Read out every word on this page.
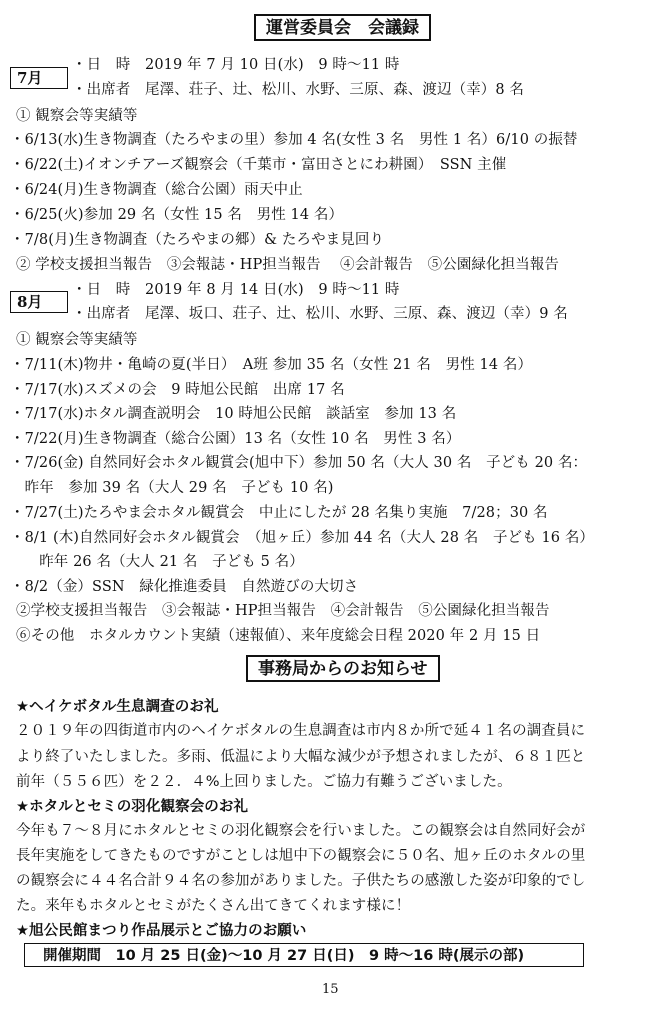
運営委員会　会議録
7月
・日　時　2019 年 7 月 10 日(水)　9 時～11 時
・出席者　尾澤、荘子、辻、松川、水野、三原、森、渡辺（幸）8 名
① 観察会等実績等
・6/13(水)生き物調査（たろやまの里）参加 4 名(女性 3 名　男性 1 名）6/10 の振替
・6/22(土)イオンチアーズ観察会（千葉市・富田さとにわ耕園）　SSN 主催
・6/24(月)生き物調査（総合公園）雨天中止
・6/25(火)参加 29 名（女性 15 名　男性 14 名）
・7/8(月)生き物調査（たろやまの郷）& たろやま見回り
② 学校支援担当報告　③会報誌・HP担当報告　 ④会計報告　⑤公園緑化担当報告
8月
・日　時　2019 年 8 月 14 日(水)　9 時～11 時
・出席者　尾澤、坂口、荘子、辻、松川、水野、三原、森、渡辺（幸）9 名
① 観察会等実績等
・7/11(木)物井・亀崎の夏(半日）　A班 参加 35 名（女性 21 名　男性 14 名）
・7/17(水)スズメの会　9 時旭公民館　出席 17 名
・7/17(水)ホタル調査説明会　10 時旭公民館　談話室　参加 13 名
・7/22(月)生き物調査（総合公園）13 名（女性 10 名　男性 3 名）
・7/26(金) 自然同好会ホタル観賞会(旭中下）参加 50 名（大人 30 名　子ども 20 名：
　昨年　参加 39 名（大人 29 名　子ども 10 名)
・7/27(土)たろやま会ホタル観賞会　中止にしたが 28 名集り実施　7/28；30 名
・8/1 (木)自然同好会ホタル観賞会　（旭ヶ丘）参加 44 名（大人 28 名　子ども 16 名）
　　昨年 26 名（大人 21 名　子ども 5 名）
・8/2（金）SSN　緑化推進委員　自然遊びの大切さ
②学校支援担当報告　③会報誌・HP担当報告　④会計報告　⑤公園緑化担当報告
⑥その他　ホタルカウント実績（速報値）、来年度総会日程 2020 年 2 月 15 日
事務局からのお知らせ
★ヘイケボタル生息調査のお礼
２０１９年の四街道市内のヘイケボタルの生息調査は市内８か所で延４１名の調査員に
より終了いたしました。多雨、低温により大幅な減少が予想されましたが、６８１匹と
前年（５５６匹）を２２．４%上回りました。ご協力有難うございました。
★ホタルとセミの羽化観察会のお礼
今年も７～８月にホタルとセミの羽化観察会を行いました。この観察会は自然同好会が
長年実施をしてきたものですがことしは旭中下の観察会に５０名、旭ヶ丘のホタルの里
の観察会に４４名合計９４名の参加がありました。子供たちの感激した姿が印象的でし
た。来年もホタルとセミがたくさん出てきてくれます様に！
★旭公民館まつり作品展示とご協力のお願い
開催期間　10 月 25 日(金)～10 月 27 日(日)　9 時～16 時(展示の部)
15
